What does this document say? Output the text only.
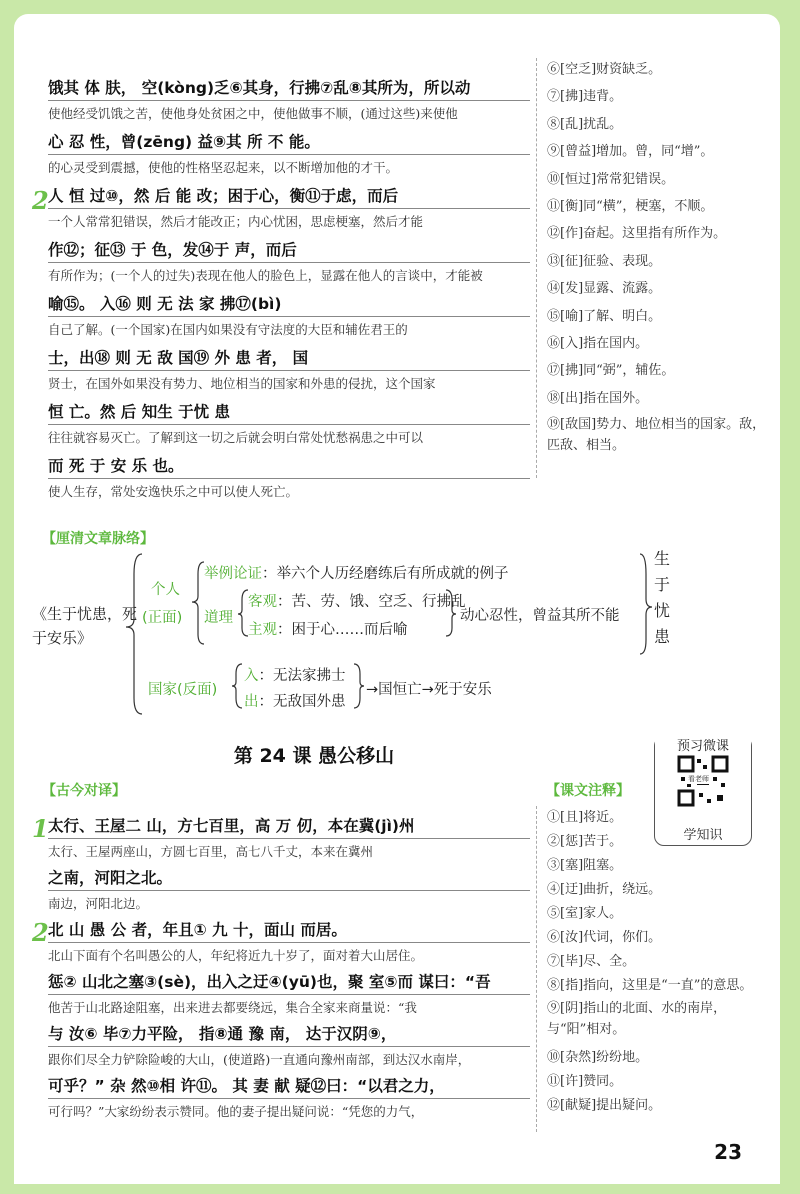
饿其 体 肤， 空(kòng)乏⑥其身，行拂⑦乱⑧其所为，所以动
使他经受饥饿之苦，使他身处贫困之中，使他做事不顺，(通过这些)来使他
心 忍 性，曾(zēng) 益⑨其 所 不 能。
的心灵受到震撼，使他的性格坚忍起来，以不断增加他的才干。
人 恒 过⑩，然 后 能 改；困于心，衡⑪于虑，而后
一个人常常犯错误，然后才能改正；内心忧困，思虑梗塞，然后才能
作⑫；征⑬ 于 色，发⑭于 声，而后
有所作为；(一个人的过失)表现在他人的脸色上，显露在他人的言谈中，才能被
喻⑮。 入⑯ 则 无 法 家 拂⑰(bì)
自己了解。(一个国家)在国内如果没有守法度的大臣和辅佐君王的
士，出⑱ 则 无 敌 国⑲ 外 患 者， 国
贤士，在国外如果没有势力、地位相当的国家和外患的侵扰，这个国家
恒 亡。然 后 知生 于忧 患
往往就容易灭亡。了解到这一切之后就会明白常处忧愁祸患之中可以
而 死 于 安 乐 也。
使人生存，常处安逸快乐之中可以使人死亡。
2
⑥[空乏]财资缺乏。
⑦[拂]违背。
⑧[乱]扰乱。
⑨[曾益]增加。曾，同“增”。
⑩[恒过]常常犯错误。
⑪[衡]同“横”，梗塞，不顺。
⑫[作]奋起。这里指有所作为。
⑬[征]征验、表现。
⑭[发]显露、流露。
⑮[喻]了解、明白。
⑯[入]指在国内。
⑰[拂]同“弼”，辅佐。
⑱[出]指在国外。
⑲[敌国]势力、地位相当的国家。敌，匹敌、相当。
【厘清文章脉络】
《生于忧患，死于安乐》
个人
(正面)
举例论证：举六个人历经磨练后有所成就的例子
道理
客观：苦、劳、饿、空乏、行拂乱
主观：困于心……而后喻
动心忍性，曾益其所不能
生于忧患
国家(反面)
入：无法家拂士
出：无敌国外患
→国恒亡→死于安乐
第 24 课 愚公移山	预习微课
看老师
学知识
【古今对译】	【课文注释】
太行、王屋二 山，方七百里，高 万 仞，本在冀(jì)州
太行、王屋两座山，方圆七百里，高七八千丈，本来在冀州
之南，河阳之北。
南边，河阳北边。
北 山 愚 公 者，年且① 九 十，面山 而居。
北山下面有个名叫愚公的人，年纪将近九十岁了，面对着大山居住。
惩② 山北之塞③(sè)，出入之迂④(yū)也，聚 室⑤而 谋曰：“吾
他苦于山北路途阻塞，出来进去都要绕远，集合全家来商量说：“我
与 汝⑥ 毕⑦力平险， 指⑧通 豫 南， 达于汉阴⑨，
跟你们尽全力铲除险峻的大山，(使道路)一直通向豫州南部，到达汉水南岸，
可乎？” 杂 然⑩相 许⑪。 其 妻 献 疑⑫曰：“以君之力，
可行吗？”大家纷纷表示赞同。他的妻子提出疑问说：“凭您的力气，
1
2
①[且]将近。
②[惩]苦于。
③[塞]阻塞。
④[迂]曲折，绕远。
⑤[室]家人。
⑥[汝]代词，你们。
⑦[毕]尽、全。
⑧[指]指向，这里是“一直”的意思。
⑨[阴]指山的北面、水的南岸，与“阳”相对。
⑩[杂然]纷纷地。
⑪[许]赞同。
⑫[献疑]提出疑问。
23
